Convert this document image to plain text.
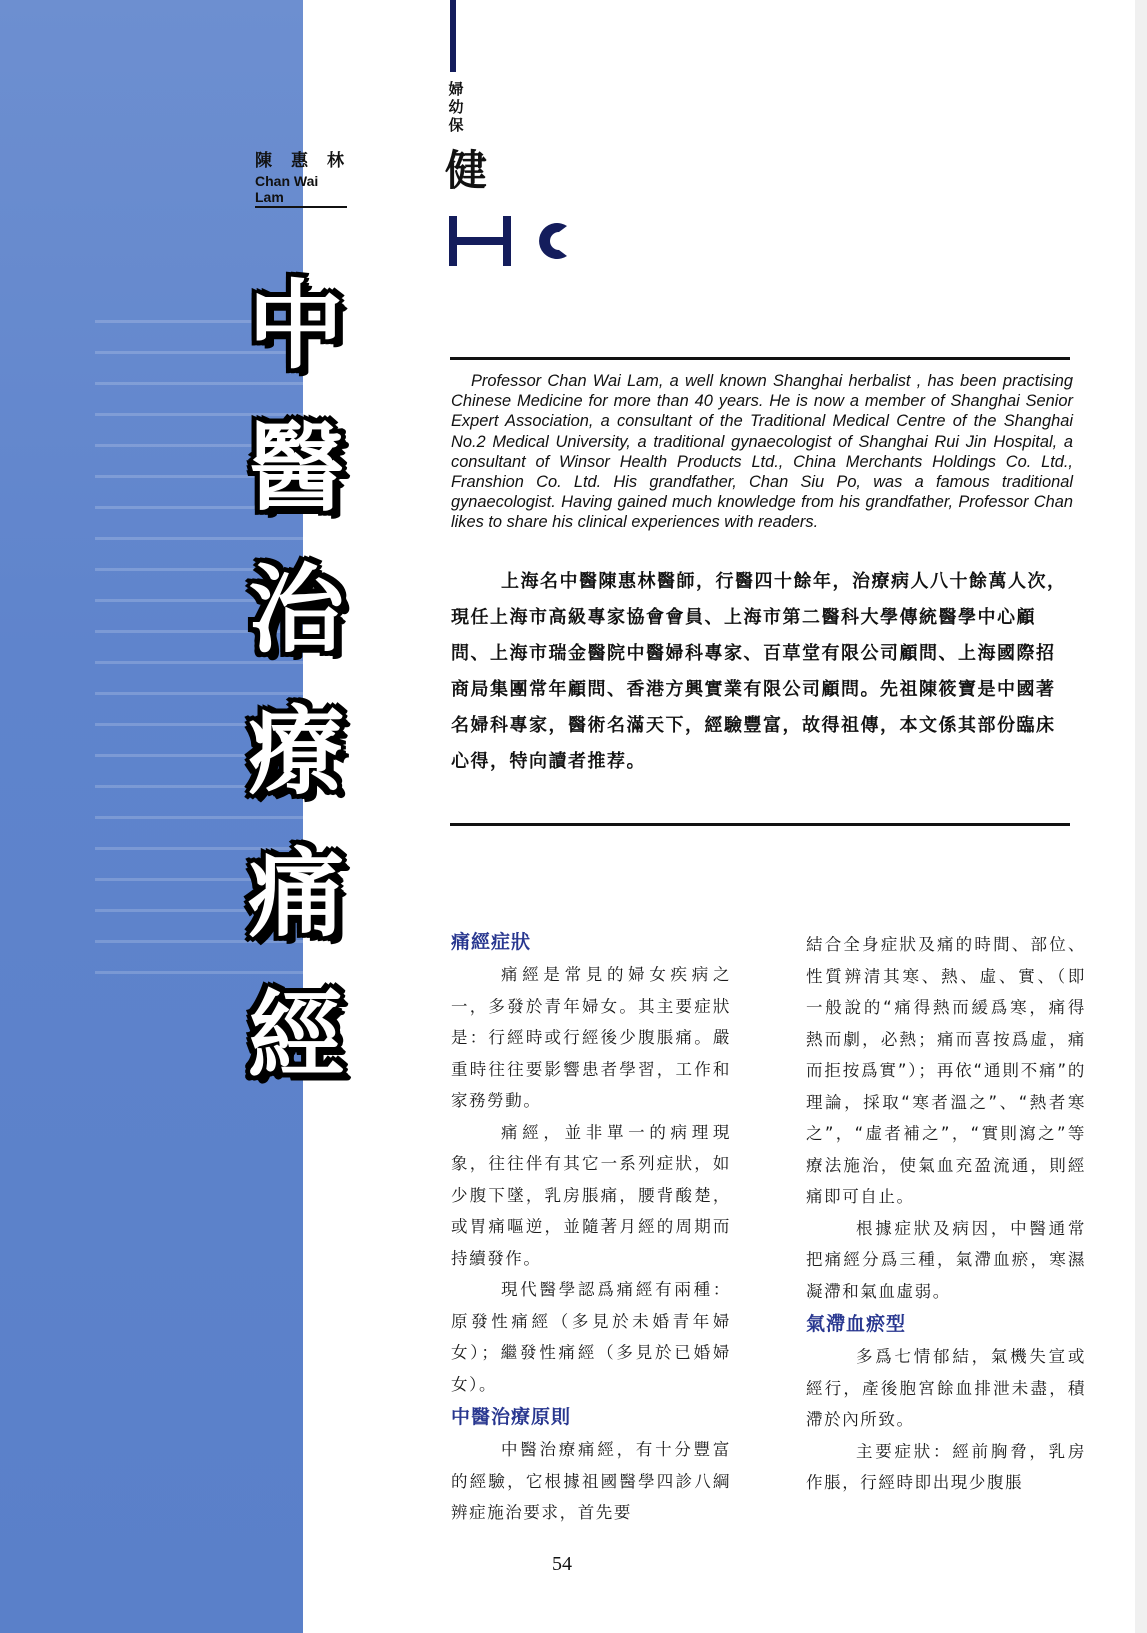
陳惠林
Chan Wai Lam
中
醫
治
療
痛
經
婦
幼
保
健
Professor Chan Wai Lam, a well known Shanghai herbalist , has been practising Chinese Medicine for more than 40 years. He is now a member of Shanghai Senior Expert Association, a consultant of the Traditional Medical Centre of the Shanghai No.2 Medical University, a traditional gynaecologist of Shanghai Rui Jin Hospital, a consultant of Winsor Health Products Ltd., China Merchants Holdings Co. Ltd., Franshion Co. Ltd. His grandfather, Chan Siu Po, was a famous traditional gynaecologist. Having gained much knowledge from his grandfather, Professor Chan likes to share his clinical experiences with readers.

上海名中醫陳惠林醫師，行醫四十餘年，治療病人八十餘萬人次，現任上海市高級專家協會會員、上海市第二醫科大學傳統醫學中心顧問、上海市瑞金醫院中醫婦科專家、百草堂有限公司顧問、上海國際招商局集團常年顧問、香港方興實業有限公司顧問。先祖陳筱寶是中國著名婦科專家，醫術名滿天下，經驗豐富，故得祖傳，本文係其部份臨床心得，特向讀者推荐。

痛經症狀

痛經是常見的婦女疾病之一，多發於青年婦女。其主要症狀是：行經時或行經後少腹脹痛。嚴重時往往要影響患者學習，工作和家務勞動。

痛經，並非單一的病理現象，往往伴有其它一系列症狀，如少腹下墜，乳房脹痛，腰背酸楚，或胃痛嘔逆，並隨著月經的周期而持續發作。

現代醫學認爲痛經有兩種：原發性痛經（多見於未婚青年婦女）；繼發性痛經（多見於已婚婦女）。

中醫治療原則

中醫治療痛經，有十分豐富的經驗，它根據祖國醫學四診八綱辨症施治要求，首先要

結合全身症狀及痛的時間、部位、性質辨清其寒、熱、虛、實、（即一般說的“痛得熱而緩爲寒，痛得熱而劇，必熱；痛而喜按爲虛，痛而拒按爲實”）；再依“通則不痛”的理論，採取“寒者溫之”、“熱者寒之”，“虛者補之”，“實則瀉之”等療法施治，使氣血充盈流通，則經痛即可自止。

根據症狀及病因，中醫通常把痛經分爲三種，氣滯血瘀，寒濕凝滯和氣血虛弱。

氣滯血瘀型

多爲七情郁結，氣機失宣或經行，產後胞宮餘血排泄未盡，積滯於內所致。

主要症狀：經前胸脅，乳房作脹，行經時即出現少腹脹

54
